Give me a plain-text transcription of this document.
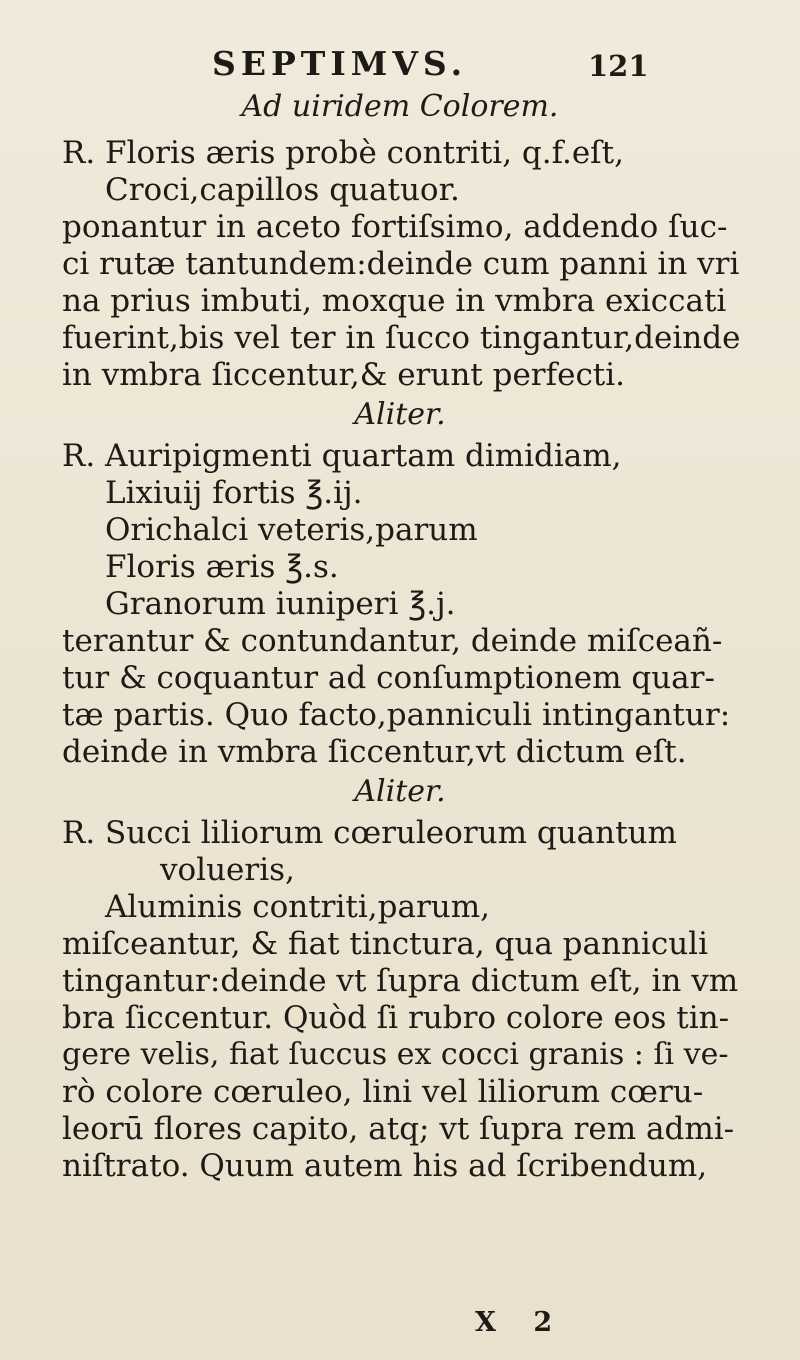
SEPTIMVS.	121
Ad uiridem Colorem.
R. Floris æris probè contriti, q.f.eſt,
Croci,capillos quatuor.
ponantur in aceto fortiſsimo, addendo ſuc-
ci rutæ tantundem:deinde cum panni in vri
na prius imbuti, moxque in vmbra exiccati
fuerint,bis vel ter in ſucco tingantur,deinde
in vmbra ſiccentur,& erunt perfecti.
Aliter.
R. Auripigmenti quartam dimidiam,
Lixiuij fortis ℥.ij.
Orichalci veteris,parum
Floris æris ℥.s.
Granorum iuniperi ℥.j.
terantur & contundantur, deinde miſceañ-
tur & coquantur ad conſumptionem quar-
tæ partis. Quo facto,panniculi intingantur:
deinde in vmbra ſiccentur,vt dictum eſt.
Aliter.
R. Succi liliorum cœruleorum quantum
volueris,
Aluminis contriti,parum,
miſceantur, & fiat tinctura, qua panniculi
tingantur:deinde vt ſupra dictum eſt, in vm
bra ſiccentur. Quòd ſi rubro colore eos tin-
gere velis, fiat ſuccus ex cocci granis : ſi ve-
rò colore cœruleo, lini vel liliorum cœru-
leorū flores capito, atq; vt ſupra rem admi-
niſtrato. Quum autem his ad ſcribendum,
X 2
